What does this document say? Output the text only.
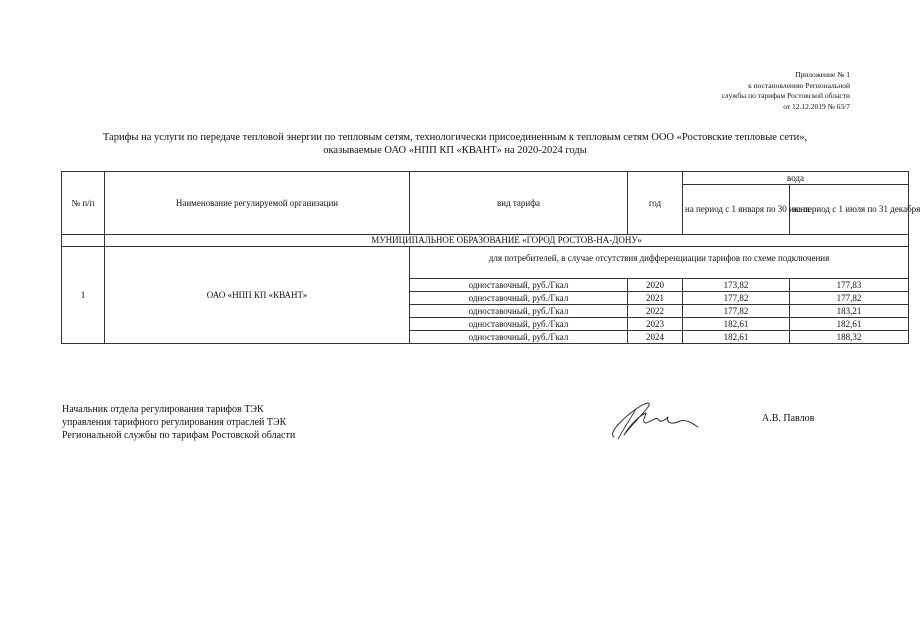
Приложение № 1
к постановлению Региональной
службы по тарифам Ростовской области
от 12.12.2019 № 63/7
Тарифы на услуги по передаче тепловой энергии по тепловым сетям, технологически присоединенным к тепловым сетям ООО «Ростовские тепловые сети»,
оказываемые ОАО «НПП КП «КВАНТ» на 2020-2024 годы
№ п/п	Наименование регулируемой организации	вид тарифа	год	вода	
				на период с 1 января по 30 июня	на период с 1 июля по 31 декабря
	МУНИЦИПАЛЬНОЕ ОБРАЗОВАНИЕ «ГОРОД РОСТОВ-НА-ДОНУ»				
1	ОАО «НПП КП «КВАНТ»	для потребителей, в случае отсутствия дифференциации тарифов по схеме подключения			

		одноставочный, руб./Гкал	2020	173,82	177,83
		одноставочный, руб./Гкал	2021	177,82	177,82
		одноставочный, руб./Гкал	2022	177,82	183,21
		одноставочный, руб./Гкал	2023	182,61	182,61
		одноставочный, руб./Гкал	2024	182,61	188,32
Начальник отдела регулирования тарифов ТЭК
управления тарифного регулирования отраслей ТЭК
Региональной службы по тарифам Ростовской области
А.В. Павлов
